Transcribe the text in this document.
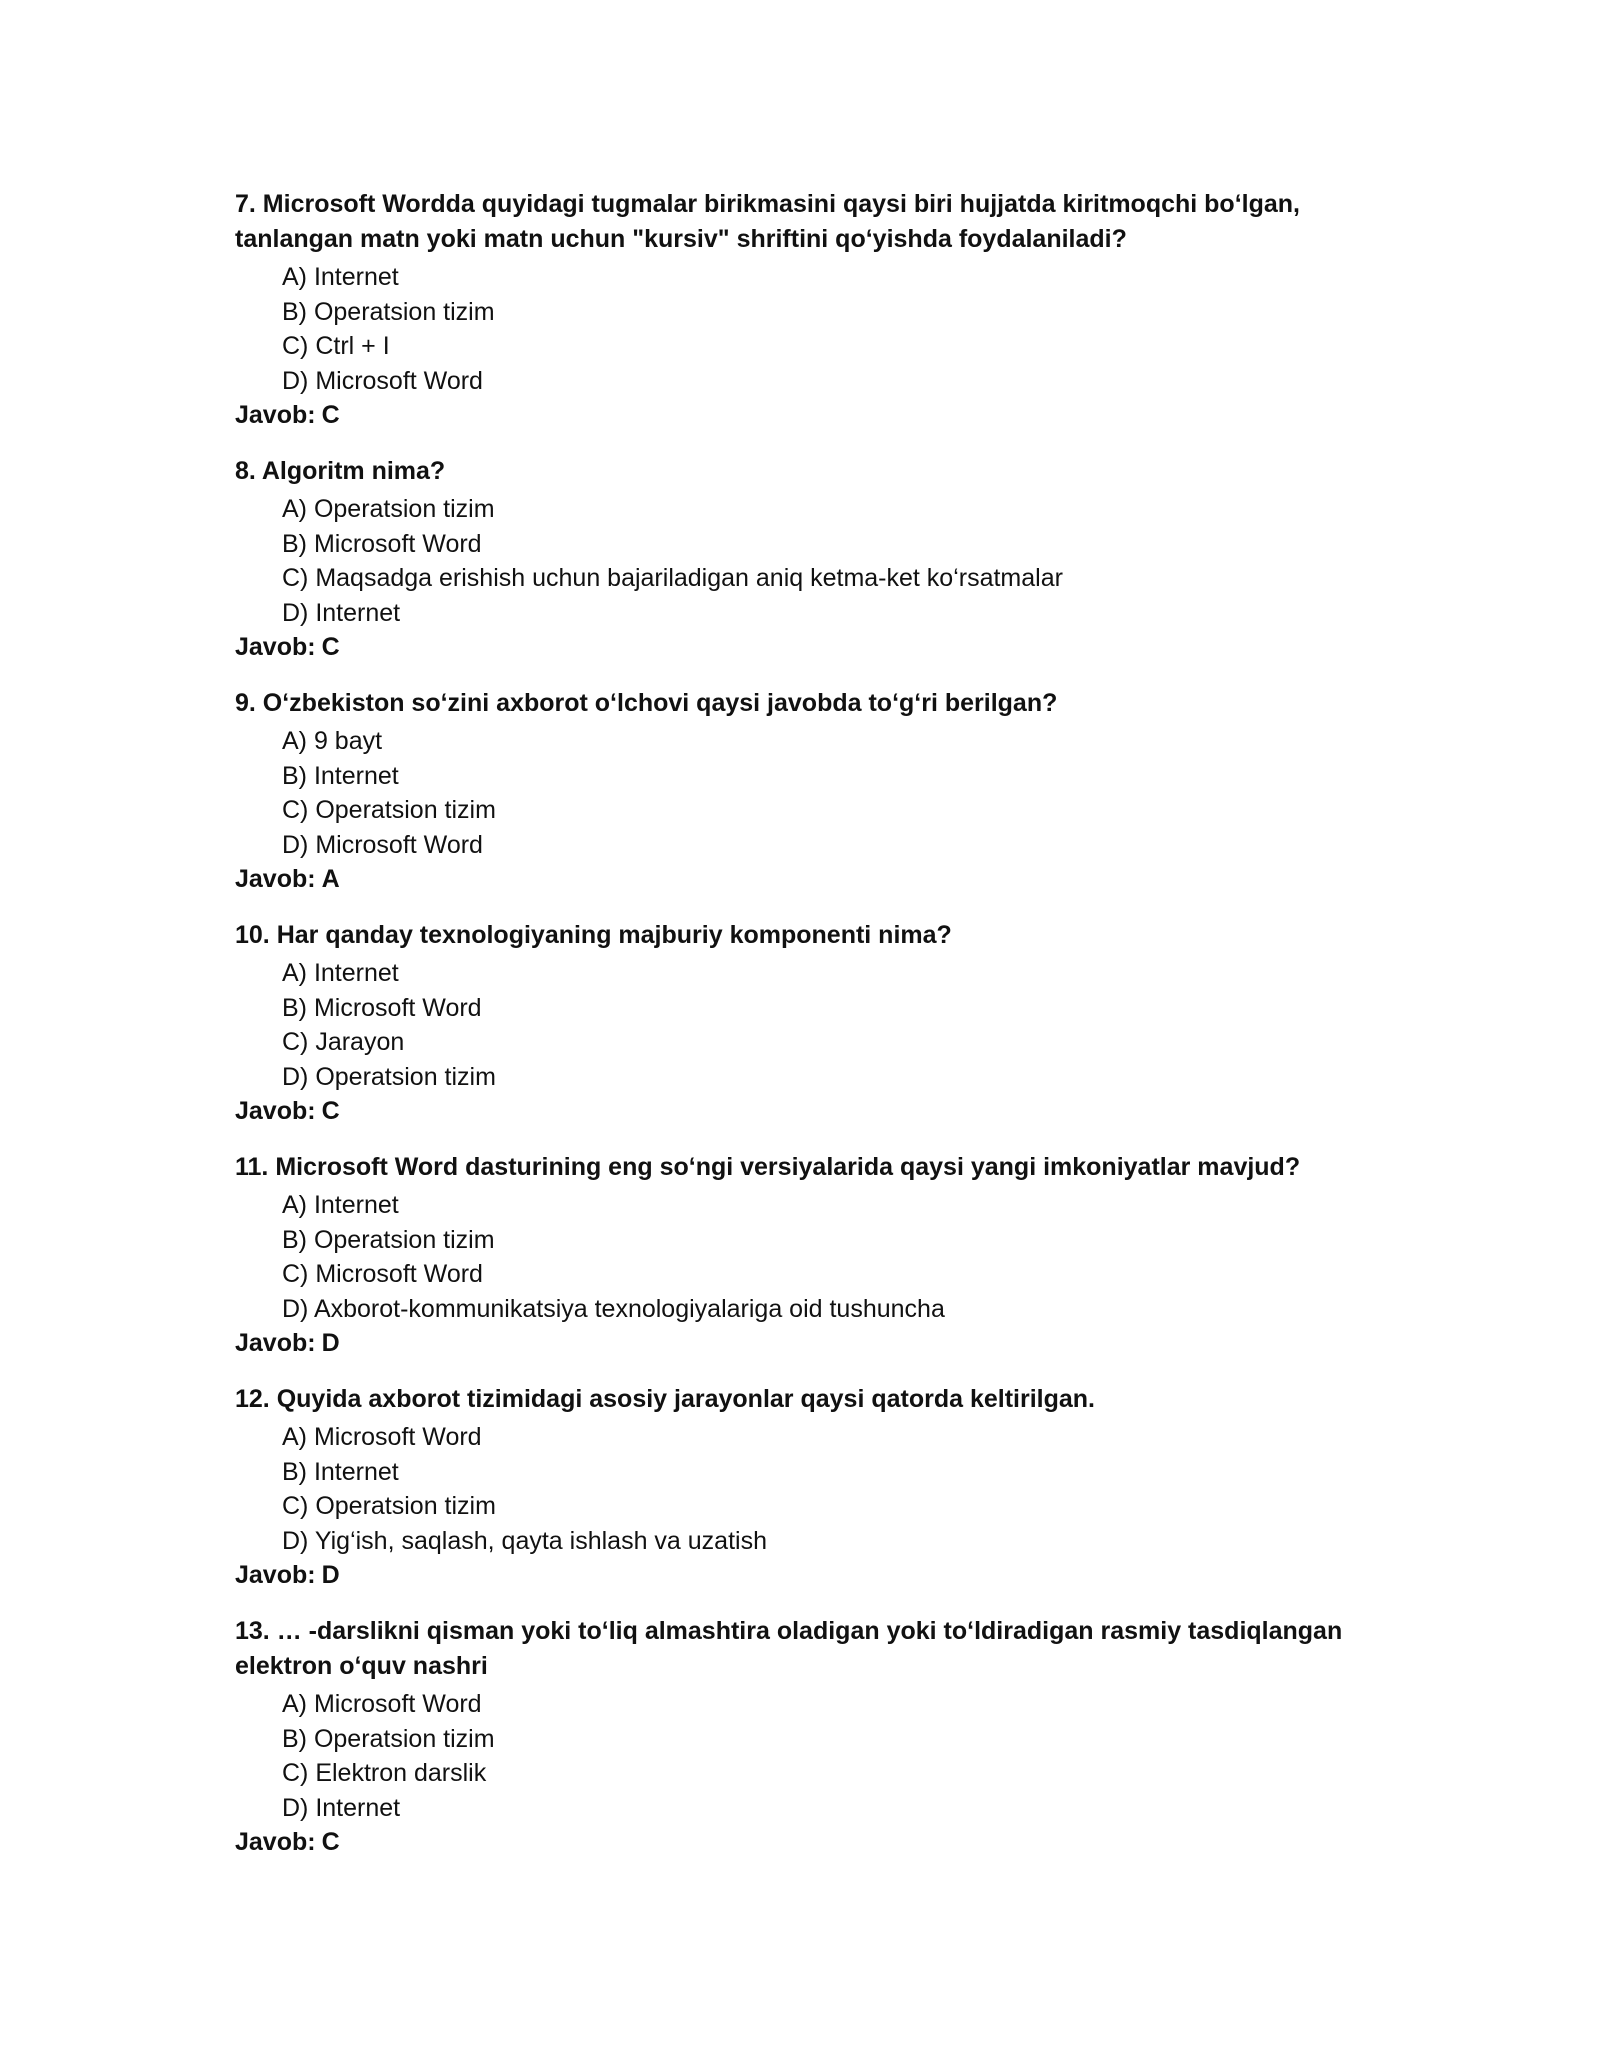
7. Microsoft Wordda quyidagi tugmalar birikmasini qaysi biri hujjatda kiritmoqchi bo‘lgan, tanlangan matn yoki matn uchun "kursiv" shriftini qo‘yishda foydalaniladi?
A) Internet
B) Operatsion tizim
C) Ctrl + I
D) Microsoft Word
Javob: C
8. Algoritm nima?
A) Operatsion tizim
B) Microsoft Word
C) Maqsadga erishish uchun bajariladigan aniq ketma-ket ko‘rsatmalar
D) Internet
Javob: C
9. O‘zbekiston so‘zini axborot o‘lchovi qaysi javobda to‘g‘ri berilgan?
A) 9 bayt
B) Internet
C) Operatsion tizim
D) Microsoft Word
Javob: A
10. Har qanday texnologiyaning majburiy komponenti nima?
A) Internet
B) Microsoft Word
C) Jarayon
D) Operatsion tizim
Javob: C
11. Microsoft Word dasturining eng so‘ngi versiyalarida qaysi yangi imkoniyatlar mavjud?
A) Internet
B) Operatsion tizim
C) Microsoft Word
D) Axborot-kommunikatsiya texnologiyalariga oid tushuncha
Javob: D
12. Quyida axborot tizimidagi asosiy jarayonlar qaysi qatorda keltirilgan.
A) Microsoft Word
B) Internet
C) Operatsion tizim
D) Yig‘ish, saqlash, qayta ishlash va uzatish
Javob: D
13. … -darslikni qisman yoki to‘liq almashtira oladigan yoki to‘ldiradigan rasmiy tasdiqlangan elektron o‘quv nashri
A) Microsoft Word
B) Operatsion tizim
C) Elektron darslik
D) Internet
Javob: C
